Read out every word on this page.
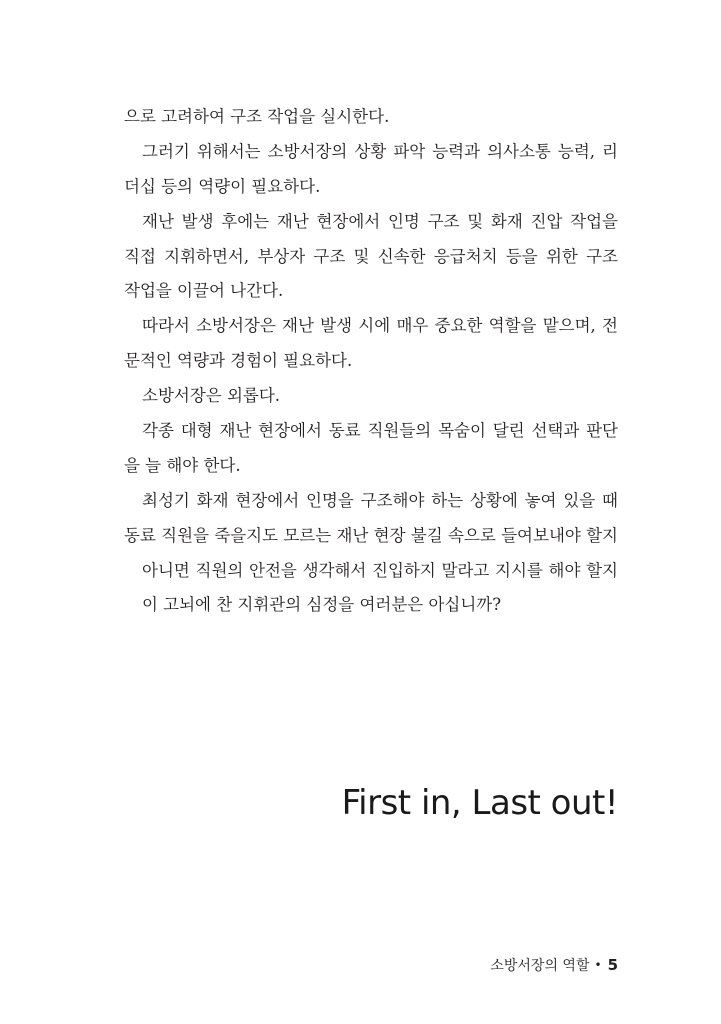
으로 고려하여 구조 작업을 실시한다.
그러기 위해서는 소방서장의 상황 파악 능력과 의사소통 능력, 리
더십 등의 역량이 필요하다.
재난 발생 후에는 재난 현장에서 인명 구조 및 화재 진압 작업을
직접 지휘하면서, 부상자 구조 및 신속한 응급처치 등을 위한 구조
작업을 이끌어 나간다.
따라서 소방서장은 재난 발생 시에 매우 중요한 역할을 맡으며, 전
문적인 역량과 경험이 필요하다.
소방서장은 외롭다.
각종 대형 재난 현장에서 동료 직원들의 목숨이 달린 선택과 판단
을 늘 해야 한다.
최성기 화재 현장에서 인명을 구조해야 하는 상황에 놓여 있을 때
동료 직원을 죽을지도 모르는 재난 현장 불길 속으로 들여보내야 할지
아니면 직원의 안전을 생각해서 진입하지 말라고 지시를 해야 할지
이 고뇌에 찬 지휘관의 심정을 여러분은 아십니까?
First in, Last out!
소방서장의 역할 • 5
